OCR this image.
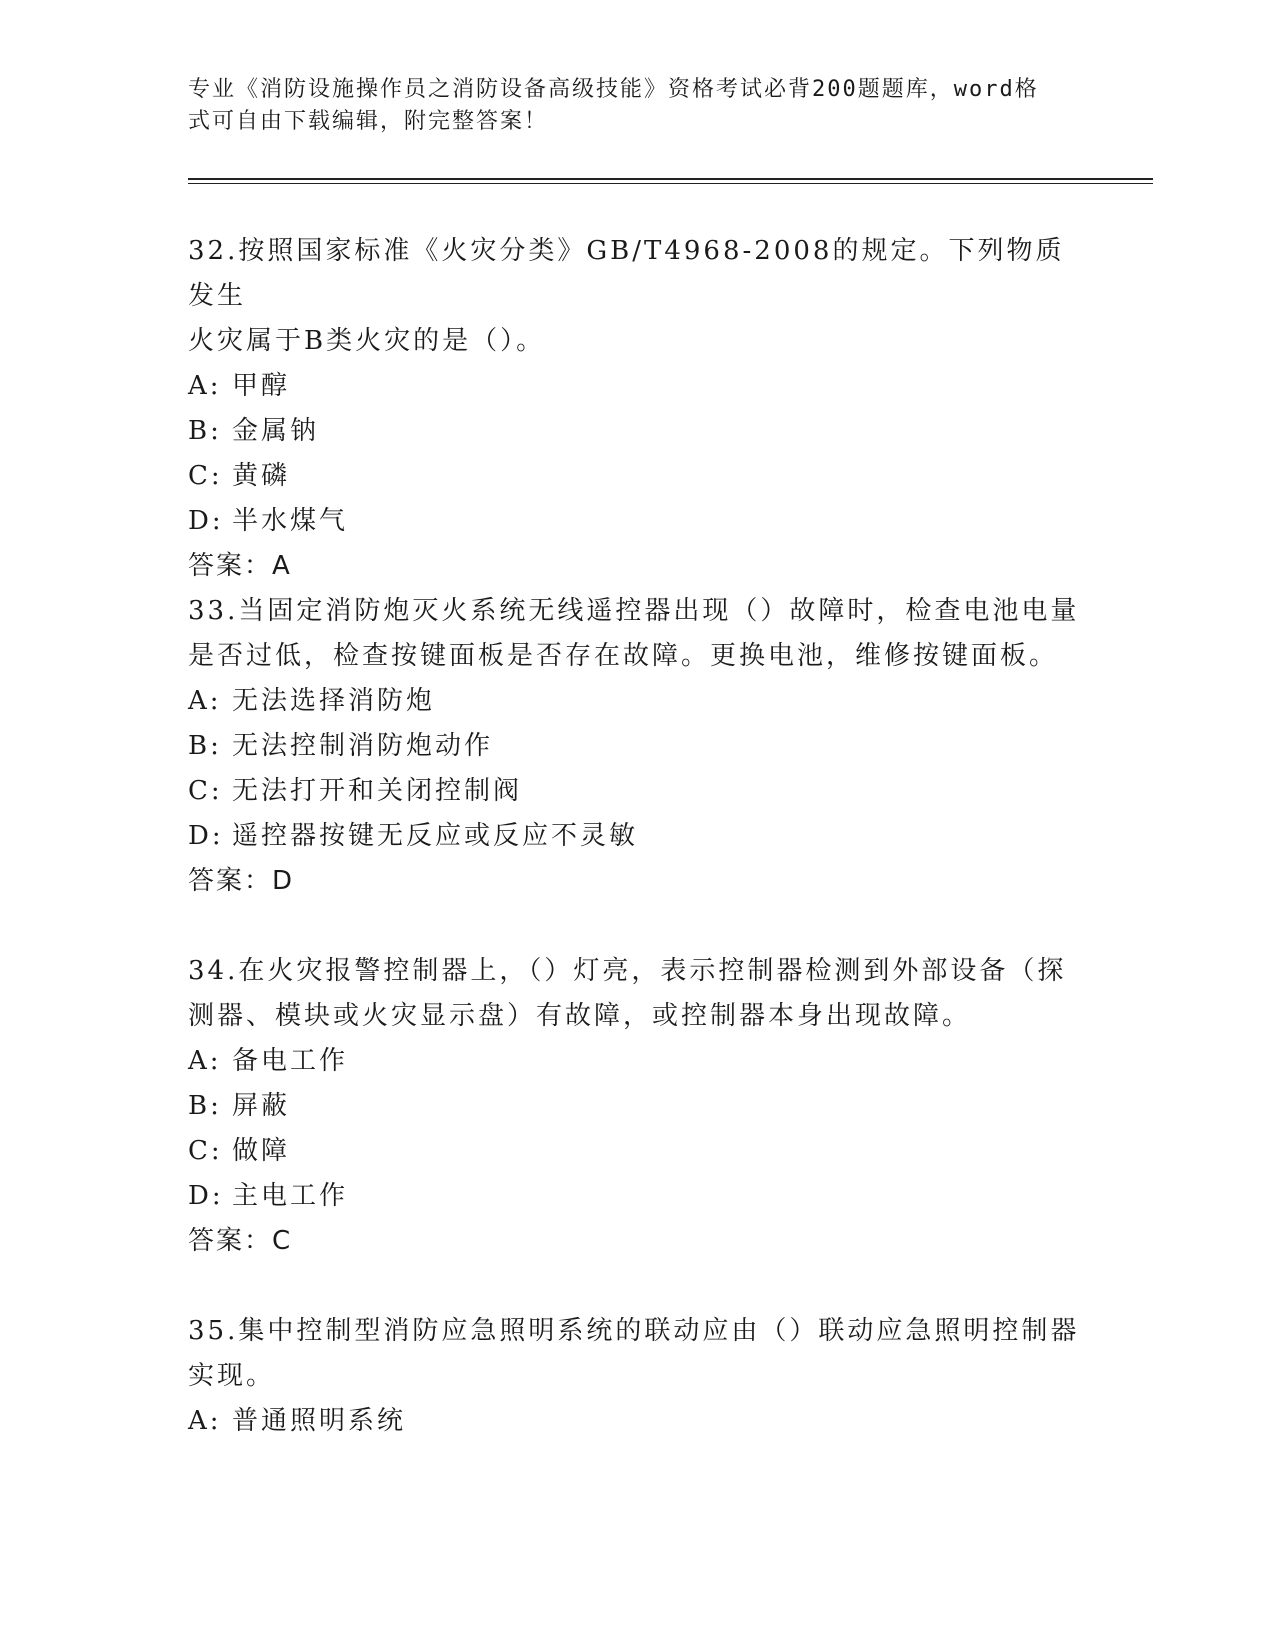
专业《消防设施操作员之消防设备高级技能》资格考试必背200题题库，word格
式可自由下载编辑，附完整答案！

32.按照国家标准《火灾分类》GB/T4968-2008的规定。下列物质发生

火灾属于B类火灾的是（）。

A: 甲醇

B: 金属钠

C: 黄磷

D: 半水煤气

答案：A

33.当固定消防炮灭火系统无线遥控器出现（）故障时，检查电池电量

是否过低，检查按键面板是否存在故障。更换电池，维修按键面板。

A: 无法选择消防炮

B: 无法控制消防炮动作

C: 无法打开和关闭控制阀

D: 遥控器按键无反应或反应不灵敏

答案：D

34.在火灾报警控制器上，（）灯亮，表示控制器检测到外部设备（探

测器、模块或火灾显示盘）有故障，或控制器本身出现故障。

A: 备电工作

B: 屏蔽

C: 做障

D: 主电工作

答案：C

35.集中控制型消防应急照明系统的联动应由（）联动应急照明控制器

实现。

A: 普通照明系统
